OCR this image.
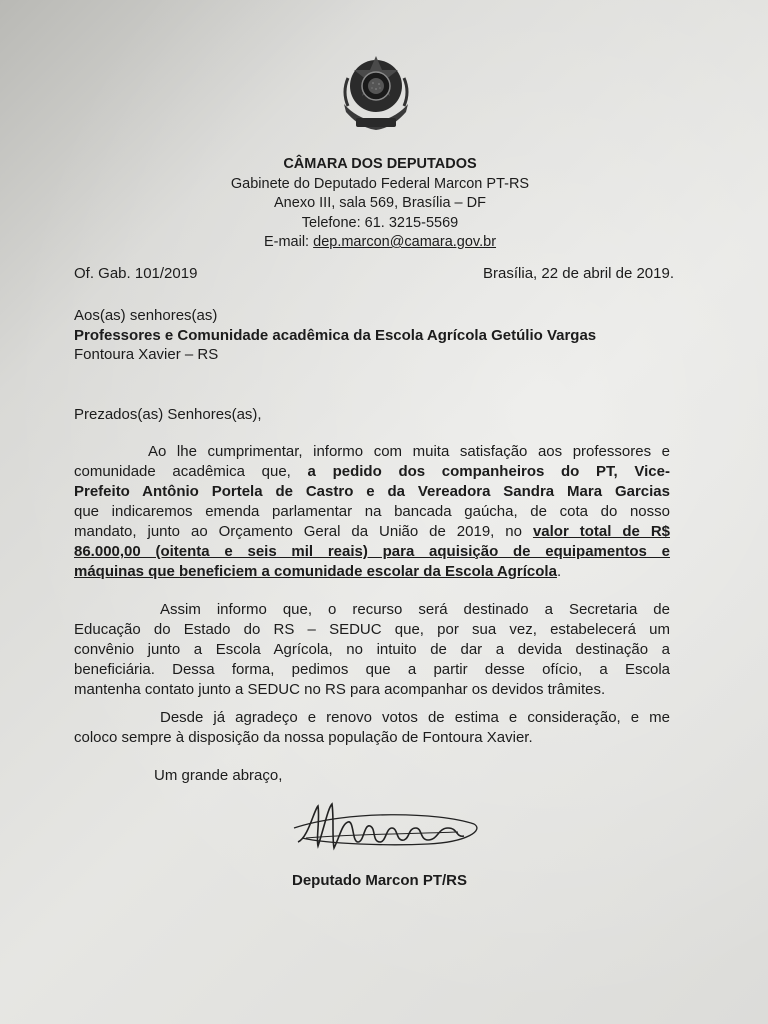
CÂMARA DOS DEPUTADOS
Gabinete do Deputado Federal Marcon PT-RS
Anexo III, sala 569, Brasília – DF
Telefone: 61. 3215-5569
E-mail: dep.marcon@camara.gov.br
Of. Gab. 101/2019	Brasília, 22 de abril de 2019.
Aos(as) senhores(as)
Professores e Comunidade acadêmica da Escola Agrícola Getúlio Vargas
Fontoura Xavier – RS
Prezados(as) Senhores(as),
Ao lhe cumprimentar, informo com muita satisfação aos professores e
comunidade acadêmica que, a pedido dos companheiros do PT, Vice-
Prefeito Antônio Portela de Castro e da Vereadora Sandra Mara Garcias
que indicaremos emenda parlamentar na bancada gaúcha, de cota do nosso
mandato, junto ao Orçamento Geral da União de 2019, no valor total de R$
86.000,00 (oitenta e seis mil reais) para aquisição de equipamentos e
máquinas que beneficiem a comunidade escolar da Escola Agrícola.
Assim informo que, o recurso será destinado a Secretaria de
Educação do Estado do RS – SEDUC que, por sua vez, estabelecerá um
convênio junto a Escola Agrícola, no intuito de dar a devida destinação a
beneficiária. Dessa forma, pedimos que a partir desse ofício, a Escola
mantenha contato junto a SEDUC no RS para acompanhar os devidos trâmites.
Desde já agradeço e renovo votos de estima e consideração, e me
coloco sempre à disposição da nossa população de Fontoura Xavier.
Um grande abraço,
Deputado Marcon PT/RS
